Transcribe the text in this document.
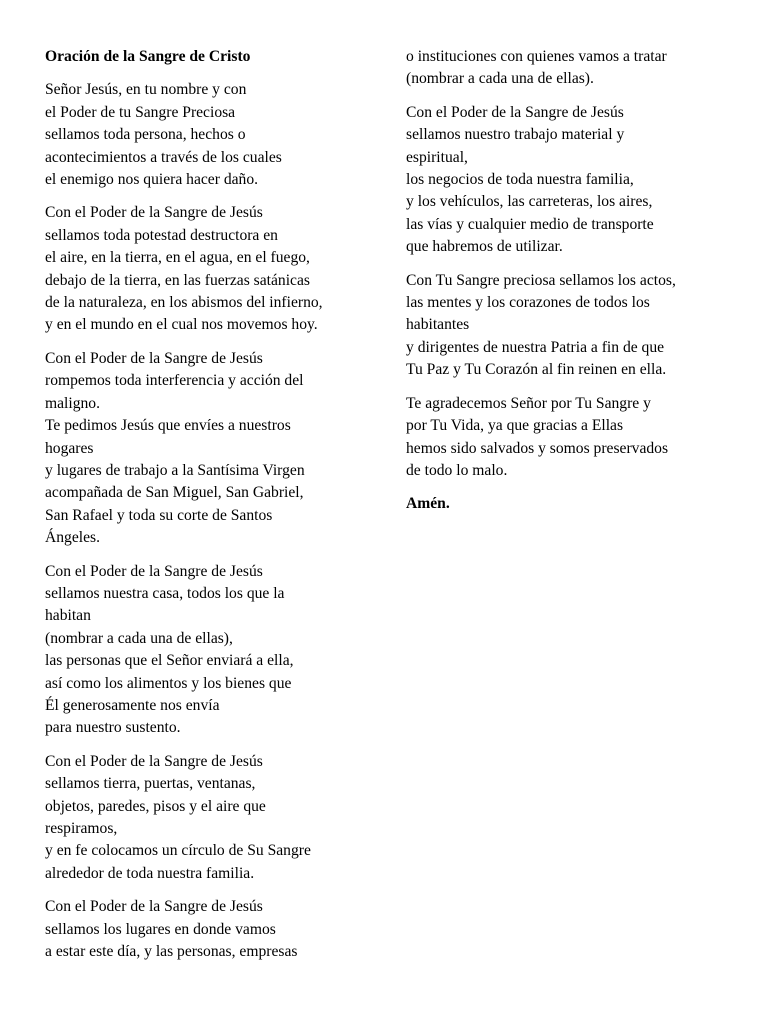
Oración de la Sangre de Cristo
Señor Jesús, en tu nombre y con
el Poder de tu Sangre Preciosa
sellamos toda persona, hechos o
acontecimientos a través de los cuales
el enemigo nos quiera hacer daño.
Con el Poder de la Sangre de Jesús
sellamos toda potestad destructora en
el aire, en la tierra, en el agua, en el fuego,
debajo de la tierra, en las fuerzas satánicas
de la naturaleza, en los abismos del infierno,
y en el mundo en el cual nos movemos hoy.
Con el Poder de la Sangre de Jesús
rompemos toda interferencia y acción del
maligno.
Te pedimos Jesús que envíes a nuestros
hogares
y lugares de trabajo a la Santísima Virgen
acompañada de San Miguel, San Gabriel,
San Rafael y toda su corte de Santos
Ángeles.
Con el Poder de la Sangre de Jesús
sellamos nuestra casa, todos los que la
habitan
(nombrar a cada una de ellas),
las personas que el Señor enviará a ella,
así como los alimentos y los bienes que
Él generosamente nos envía
para nuestro sustento.
Con el Poder de la Sangre de Jesús
sellamos tierra, puertas, ventanas,
objetos, paredes, pisos y el aire que
respiramos,
y en fe colocamos un círculo de Su Sangre
alrededor de toda nuestra familia.
Con el Poder de la Sangre de Jesús
sellamos los lugares en donde vamos
a estar este día, y las personas, empresas
o instituciones con quienes vamos a tratar
(nombrar a cada una de ellas).
Con el Poder de la Sangre de Jesús
sellamos nuestro trabajo material y
espiritual,
los negocios de toda nuestra familia,
y los vehículos, las carreteras, los aires,
las vías y cualquier medio de transporte
que habremos de utilizar.
Con Tu Sangre preciosa sellamos los actos,
las mentes y los corazones de todos los
habitantes
y dirigentes de nuestra Patria a fin de que
Tu Paz y Tu Corazón al fin reinen en ella.
Te agradecemos Señor por Tu Sangre y
por Tu Vida, ya que gracias a Ellas
hemos sido salvados y somos preservados
de todo lo malo.
Amén.
